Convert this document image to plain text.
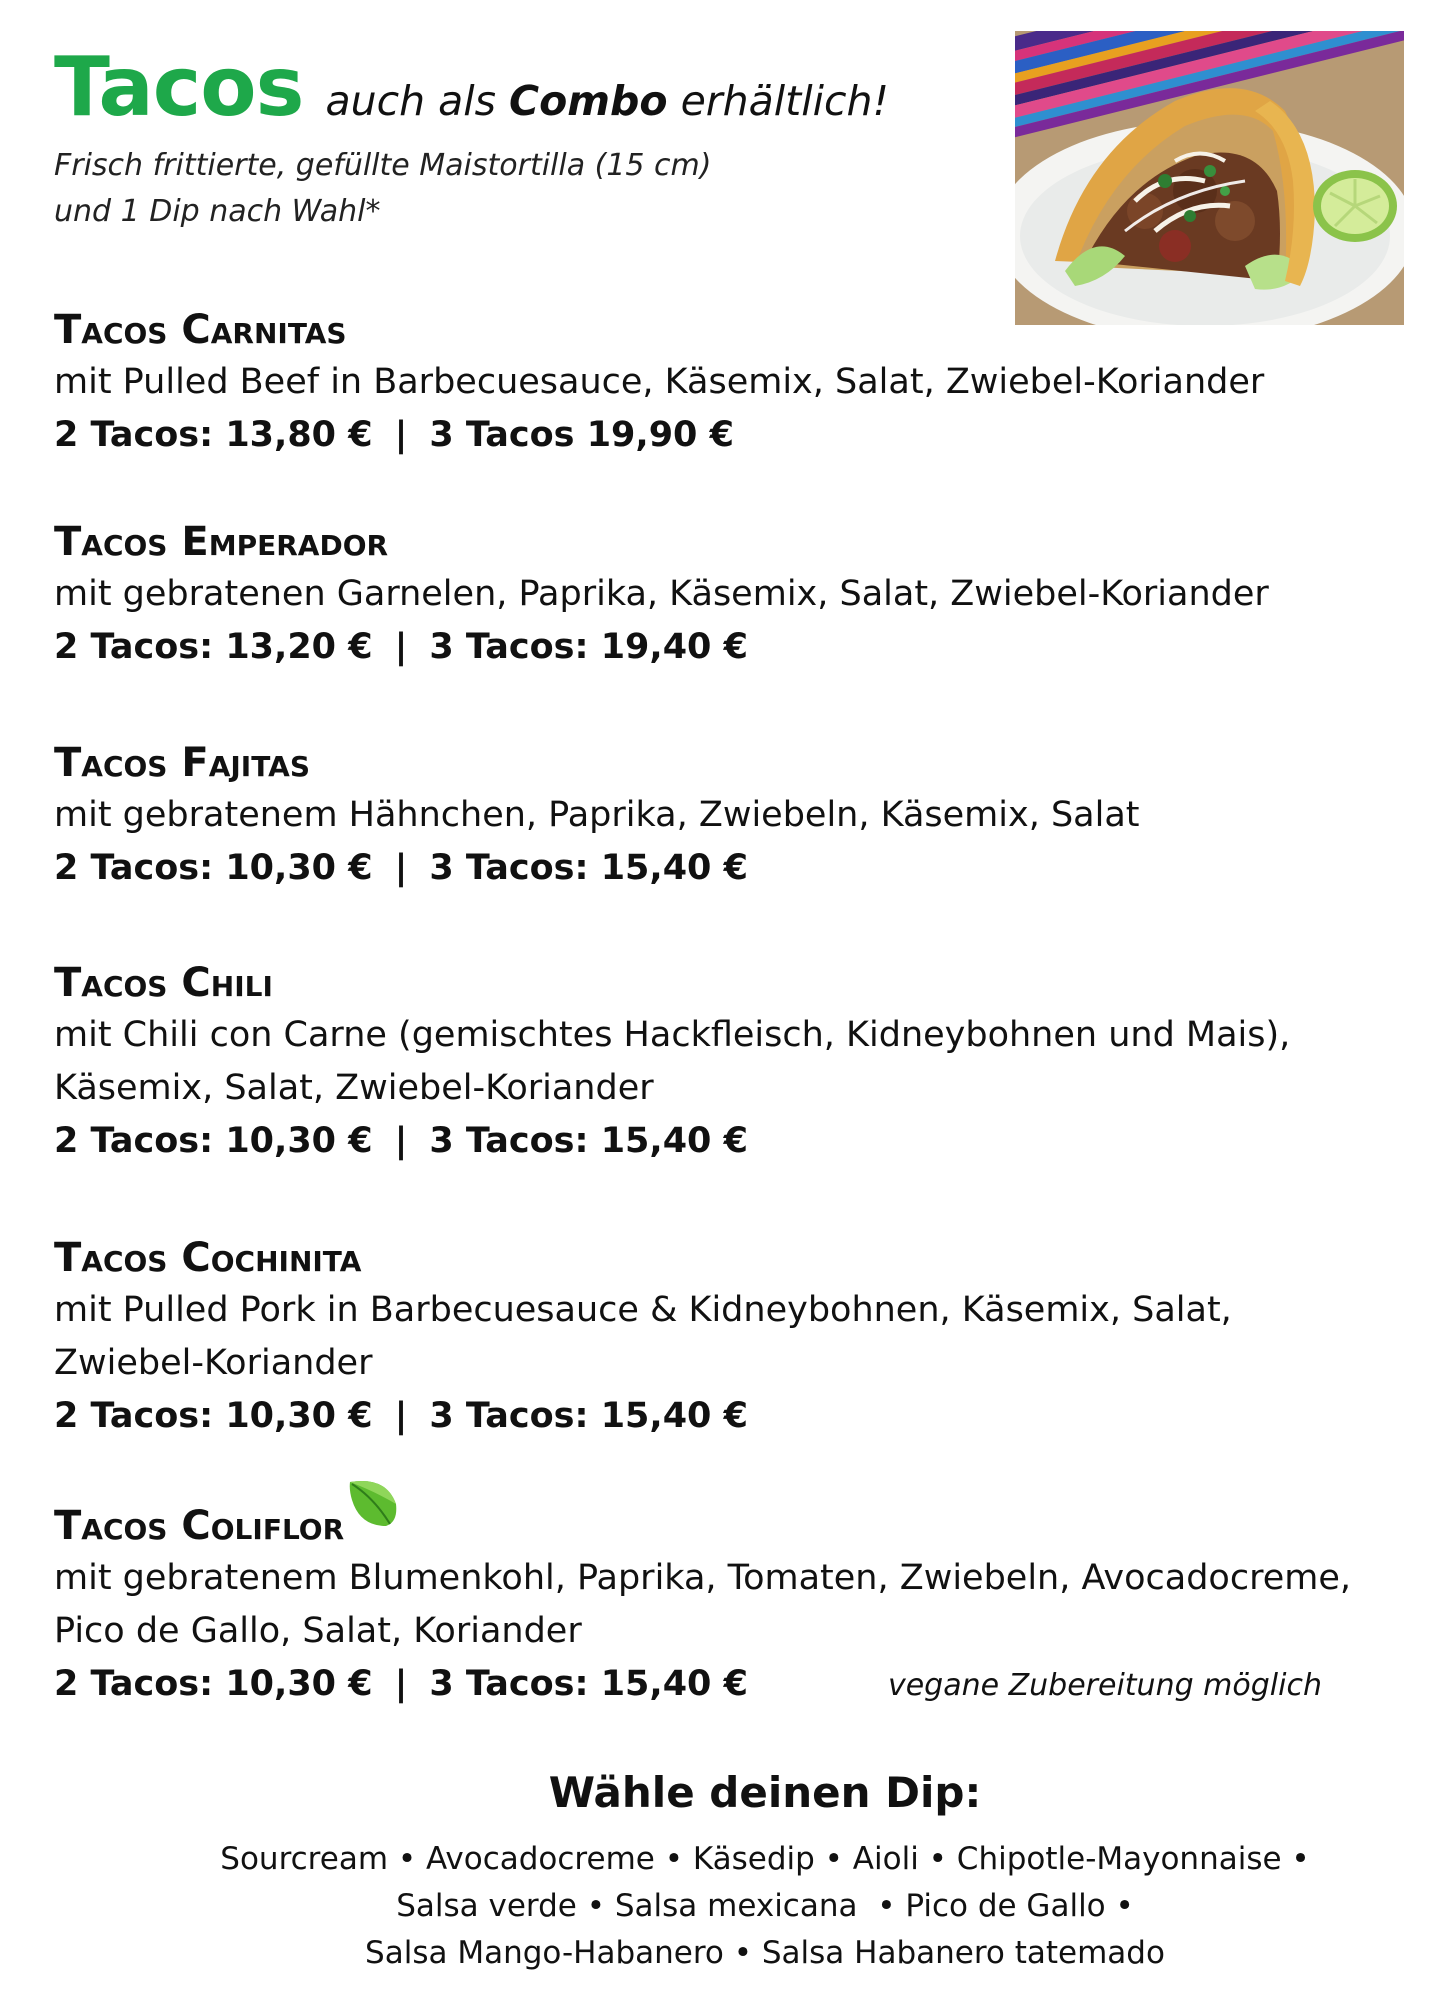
Tacos auch als Combo erhältlich!
Frisch frittierte, gefüllte Maistortilla (15 cm)
und 1 Dip nach Wahl*
Tacos Carnitas
mit Pulled Beef in Barbecuesauce, Käsemix, Salat, Zwiebel-Koriander
2 Tacos: 13,80 € | 3 Tacos 19,90 €
Tacos Emperador
mit gebratenen Garnelen, Paprika, Käsemix, Salat, Zwiebel-Koriander
2 Tacos: 13,20 € | 3 Tacos: 19,40 €
Tacos Fajitas
mit gebratenem Hähnchen, Paprika, Zwiebeln, Käsemix, Salat
2 Tacos: 10,30 € | 3 Tacos: 15,40 €
Tacos Chili
mit Chili con Carne (gemischtes Hackfleisch, Kidneybohnen und Mais),
Käsemix, Salat, Zwiebel-Koriander
2 Tacos: 10,30 € | 3 Tacos: 15,40 €
Tacos Cochinita
mit Pulled Pork in Barbecuesauce & Kidneybohnen, Käsemix, Salat,
Zwiebel-Koriander
2 Tacos: 10,30 € | 3 Tacos: 15,40 €
Tacos Coliflor
mit gebratenem Blumenkohl, Paprika, Tomaten, Zwiebeln, Avocadocreme,
Pico de Gallo, Salat, Koriander
2 Tacos: 10,30 € | 3 Tacos: 15,40 €	vegane Zubereitung möglich
Wähle deinen Dip:
Sourcream • Avocadocreme • Käsedip • Aioli • Chipotle-Mayonnaise •
Salsa verde • Salsa mexicana  • Pico de Gallo •
Salsa Mango-Habanero • Salsa Habanero tatemado
